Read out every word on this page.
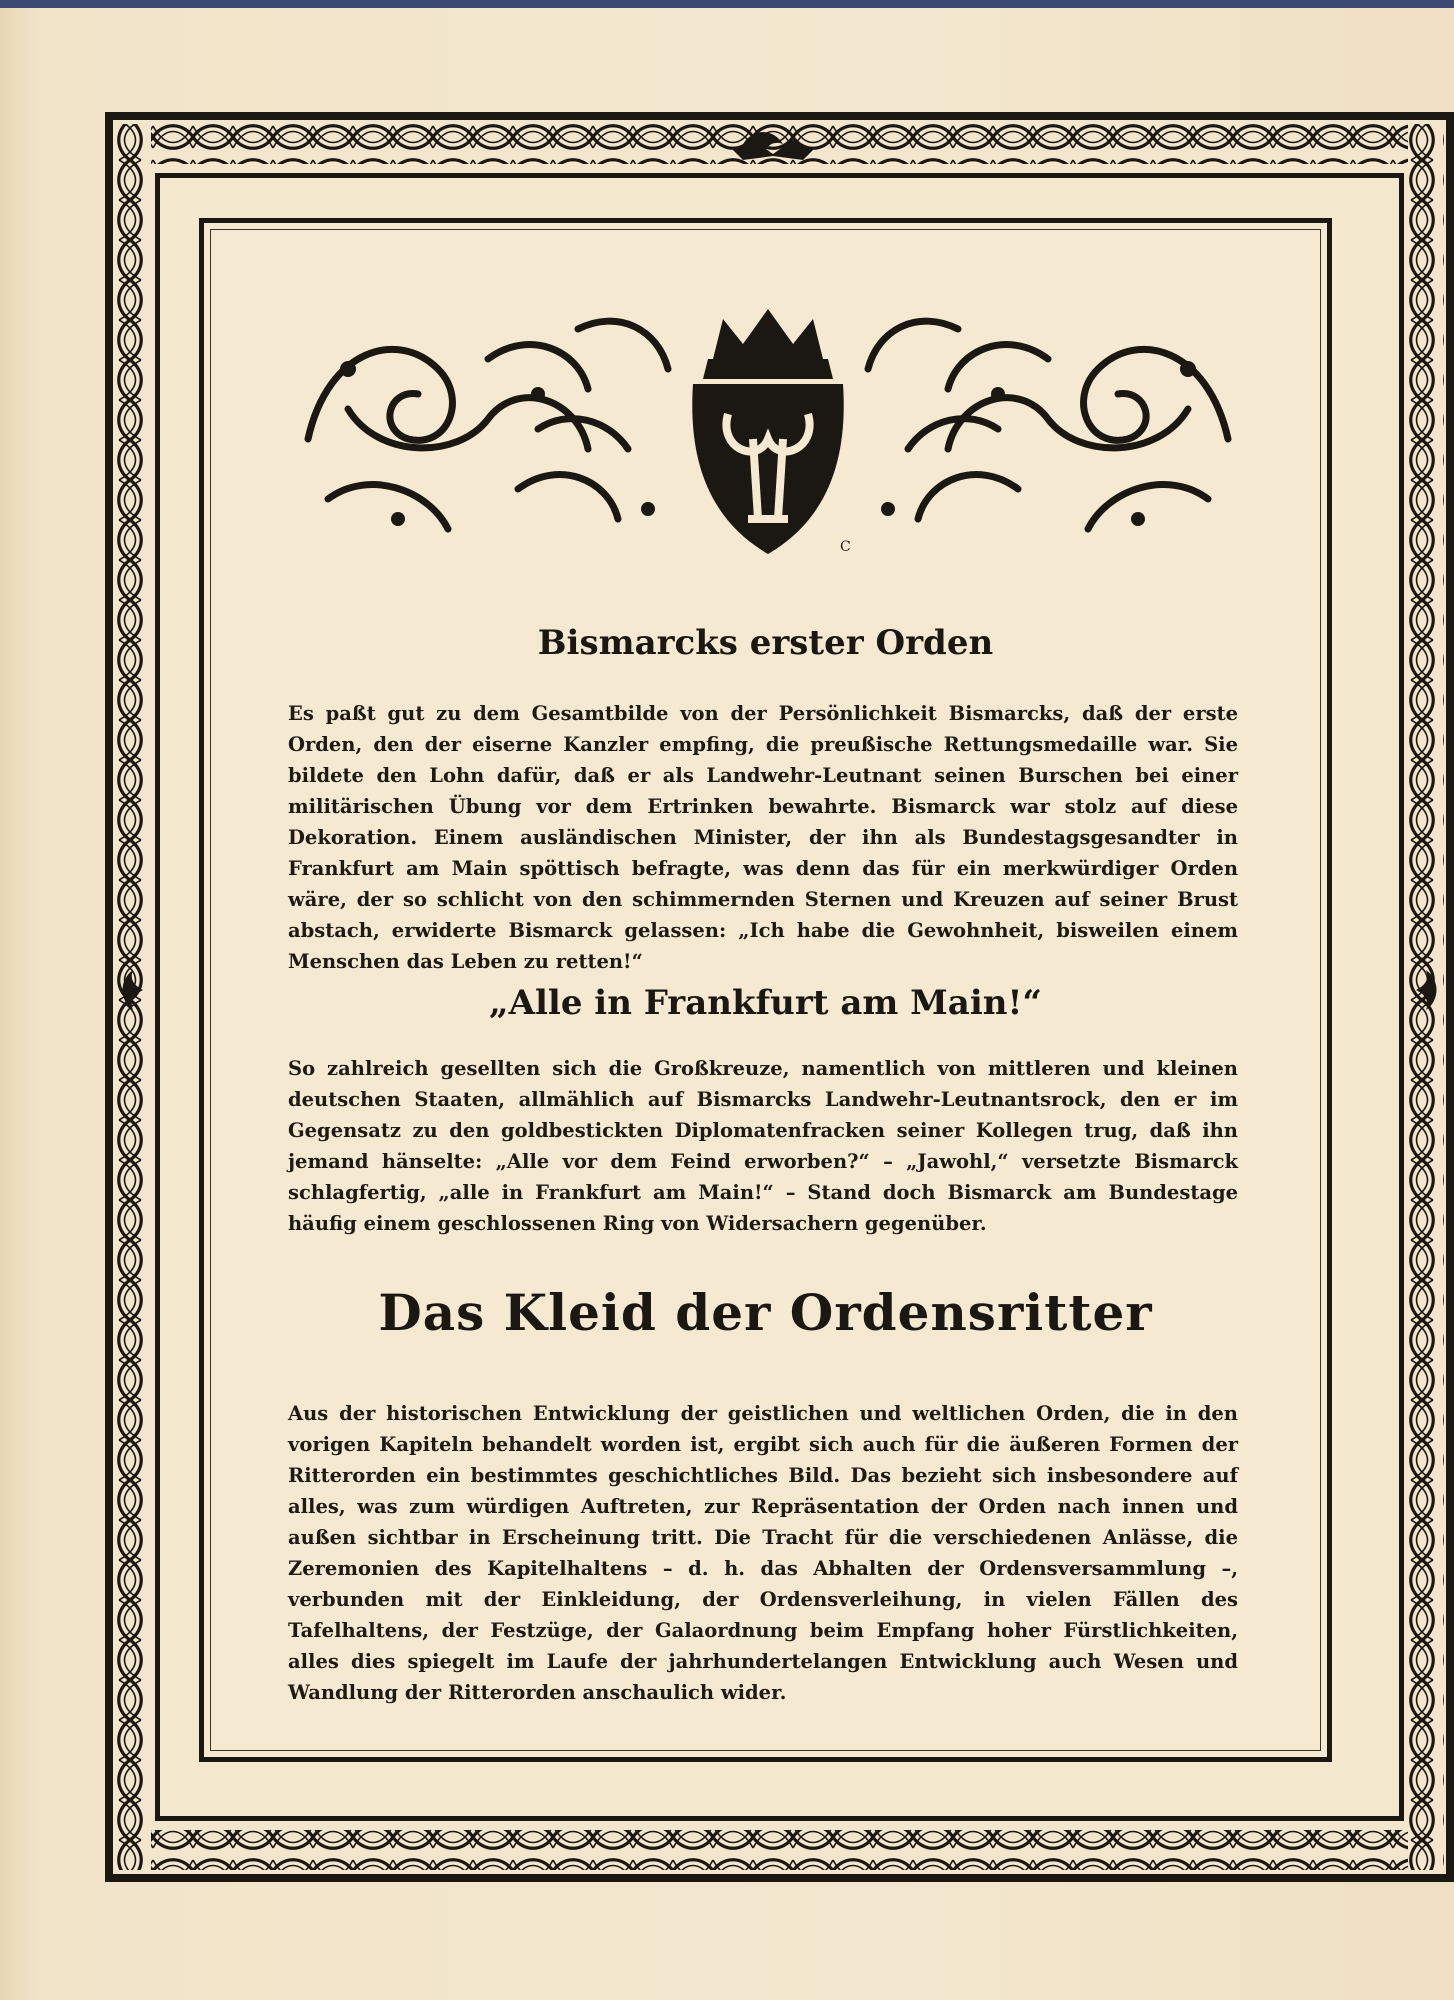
C
Bismarcks erster Orden
Es paßt gut zu dem Gesamtbilde von der Persönlichkeit Bismarcks, daß der erste Orden, den der eiserne Kanzler empfing, die preußische Rettungsmedaille war. Sie bildete den Lohn dafür, daß er als Landwehr-Leutnant seinen Burschen bei einer militärischen Übung vor dem Ertrinken bewahrte. Bismarck war stolz auf diese Dekoration. Einem ausländischen Minister, der ihn als Bundestagsgesandter in Frankfurt am Main spöttisch befragte, was denn das für ein merkwürdiger Orden wäre, der so schlicht von den schimmernden Sternen und Kreuzen auf seiner Brust abstach, erwiderte Bismarck gelassen: „Ich habe die Gewohnheit, bisweilen einem Menschen das Leben zu retten!“
„Alle in Frankfurt am Main!“
So zahlreich gesellten sich die Großkreuze, namentlich von mittleren und kleinen deutschen Staaten, allmählich auf Bismarcks Landwehr-Leutnantsrock, den er im Gegensatz zu den goldbestickten Diplomatenfracken seiner Kollegen trug, daß ihn jemand hänselte: „Alle vor dem Feind erworben?“ – „Jawohl,“ versetzte Bismarck schlagfertig, „alle in Frankfurt am Main!“ – Stand doch Bismarck am Bundestage häufig einem geschlossenen Ring von Widersachern gegenüber.
Das Kleid der Ordensritter
Aus der historischen Entwicklung der geistlichen und weltlichen Orden, die in den vorigen Kapiteln behandelt worden ist, ergibt sich auch für die äußeren Formen der Ritterorden ein bestimmtes geschichtliches Bild. Das bezieht sich insbesondere auf alles, was zum würdigen Auftreten, zur Repräsentation der Orden nach innen und außen sichtbar in Erscheinung tritt. Die Tracht für die verschiedenen Anlässe, die Zeremonien des Kapitelhaltens – d. h. das Abhalten der Ordensversammlung –, verbunden mit der Einkleidung, der Ordensverleihung, in vielen Fällen des Tafelhaltens, der Festzüge, der Galaordnung beim Empfang hoher Fürstlichkeiten, alles dies spiegelt im Laufe der jahrhundertelangen Entwicklung auch Wesen und Wandlung der Ritterorden anschaulich wider.
